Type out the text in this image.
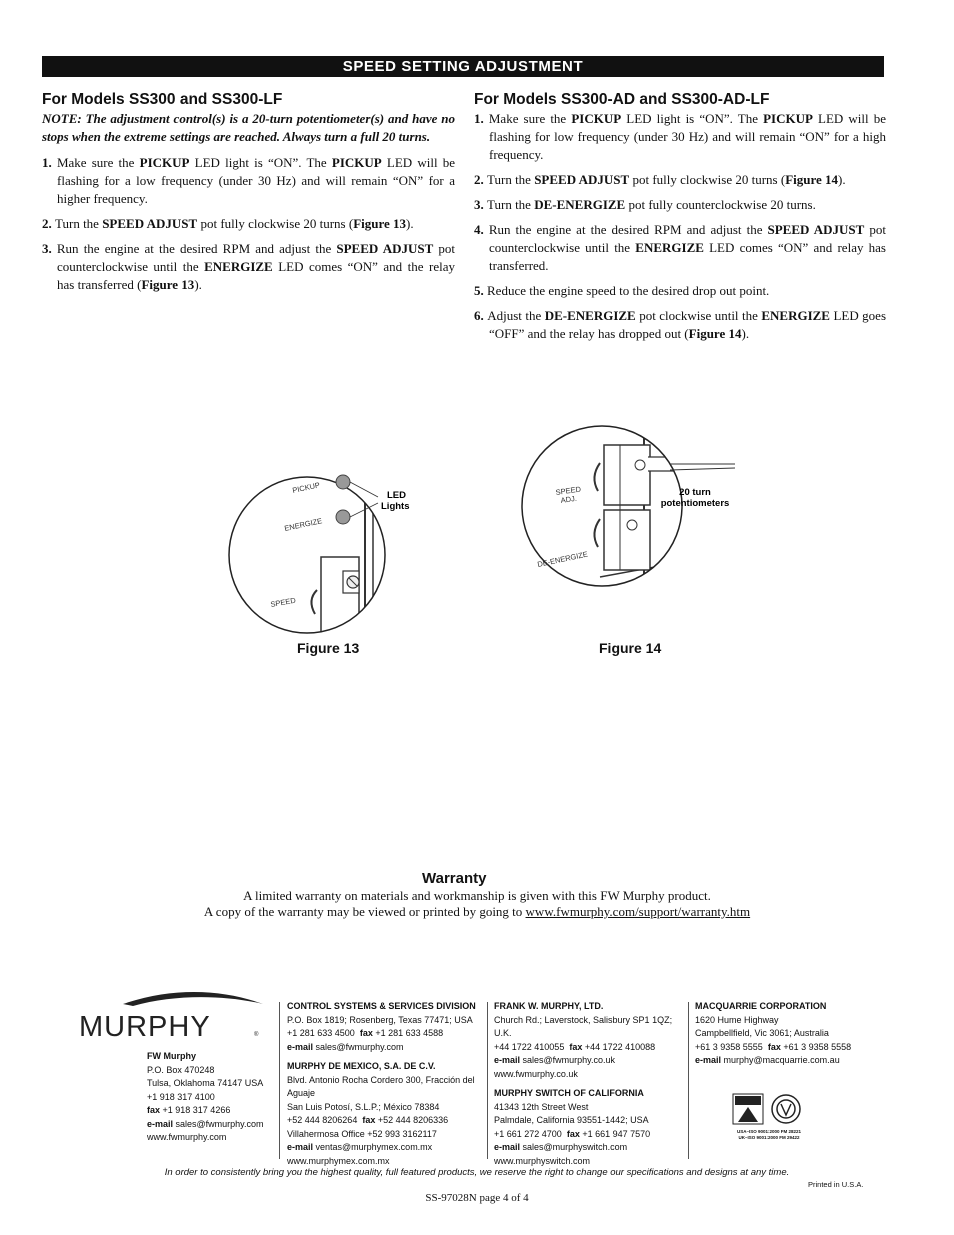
SPEED SETTING ADJUSTMENT
For Models SS300 and SS300-LF
NOTE: The adjustment control(s) is a 20-turn potentiometer(s) and have no stops when the extreme settings are reached. Always turn a full 20 turns.
1. Make sure the PICKUP LED light is “ON”. The PICKUP LED will be flashing for a low frequency (under 30 Hz) and will remain “ON” for a higher frequency.
2. Turn the SPEED ADJUST pot fully clockwise 20 turns (Figure 13).
3. Run the engine at the desired RPM and adjust the SPEED ADJUST pot counterclockwise until the ENERGIZE LED comes “ON” and the relay has transferred (Figure 13).
For Models SS300-AD and SS300-AD-LF
1. Make sure the PICKUP LED light is “ON”. The PICKUP LED will be flashing for low frequency (under 30 Hz) and will remain “ON” for a high frequency.
2. Turn the SPEED ADJUST pot fully clockwise 20 turns (Figure 14).
3. Turn the DE-ENERGIZE pot fully counterclockwise 20 turns.
4. Run the engine at the desired RPM and adjust the SPEED ADJUST pot counterclockwise until the ENERGIZE LED comes “ON” and relay has transferred.
5. Reduce the engine speed to the desired drop out point.
6. Adjust the DE-ENERGIZE pot clockwise until the ENERGIZE LED goes “OFF” and the relay has dropped out (Figure 14).
PICKUP
ENERGIZE
LED
Lights
SPEED
Figure 13
SPEED
ADJ.
20 turn
potentiometers
DE-ENERGIZE
Figure 14
Warranty
A limited warranty on materials and workmanship is given with this FW Murphy product.
A copy of the warranty may be viewed or printed by going to www.fwmurphy.com/support/warranty.htm
MURPHY	®
FW Murphy
P.O. Box 470248
Tulsa, Oklahoma 74147 USA
+1 918 317 4100
fax +1 918 317 4266
e-mail sales@fwmurphy.com
www.fwmurphy.com
CONTROL SYSTEMS & SERVICES DIVISION
P.O. Box 1819; Rosenberg, Texas 77471; USA
+1 281 633 4500 fax +1 281 633 4588
e-mail sales@fwmurphy.com
MURPHY DE MEXICO, S.A. DE C.V.
Blvd. Antonio Rocha Cordero 300, Fracción del Aguaje
San Luis Potosí, S.L.P.; México 78384
+52 444 8206264 fax +52 444 8206336
Villahermosa Office +52 993 3162117
e-mail ventas@murphymex.com.mx
www.murphymex.com.mx
FRANK W. MURPHY, LTD.
Church Rd.; Laverstock, Salisbury SP1 1QZ; U.K.
+44 1722 410055 fax +44 1722 410088
e-mail sales@fwmurphy.co.uk
www.fwmurphy.co.uk
MURPHY SWITCH OF CALIFORNIA
41343 12th Street West
Palmdale, California 93551-1442; USA
+1 661 272 4700 fax +1 661 947 7570
e-mail sales@murphyswitch.com
www.murphyswitch.com
MACQUARRIE CORPORATION
1620 Hume Highway
Campbellfield, Vic 3061; Australia
+61 3 9358 5555 fax +61 3 9358 5558
e-mail murphy@macquarrie.com.au
USA–ISO 9001:2000 FM 28221
UK–ISO 9001:2000 FM 29422
In order to consistently bring you the highest quality, full featured products, we reserve the right to change our specifications and designs at any time.
Printed in U.S.A.
SS-97028N page 4 of 4
